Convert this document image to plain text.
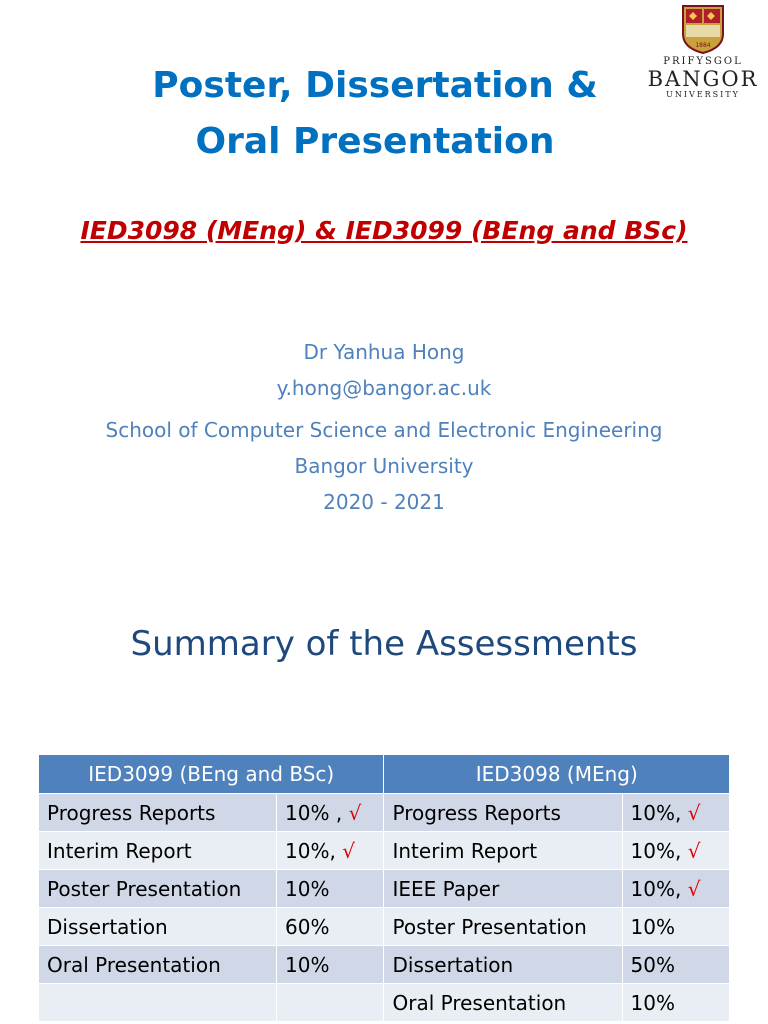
Poster, Dissertation &
Oral Presentation
1884
PRIFYSGOL
BANGOR
UNIVERSITY

IED3098 (MEng) & IED3099 (BEng and BSc)

Dr Yanhua Hong
y.hong@bangor.ac.uk
School of Computer Science and Electronic Engineering
Bangor University
2020 - 2021
Summary of the Assessments
IED3099 (BEng and BSc)		IED3098 (MEng)	
Progress Reports	10% , √	Progress Reports	10%, √
Interim Report	10%, √	Interim Report	10%, √
Poster Presentation	10%	IEEE Paper	10%, √
Dissertation	60%	Poster Presentation	10%
Oral Presentation	10%	Dissertation	50%
		Oral Presentation	10%
